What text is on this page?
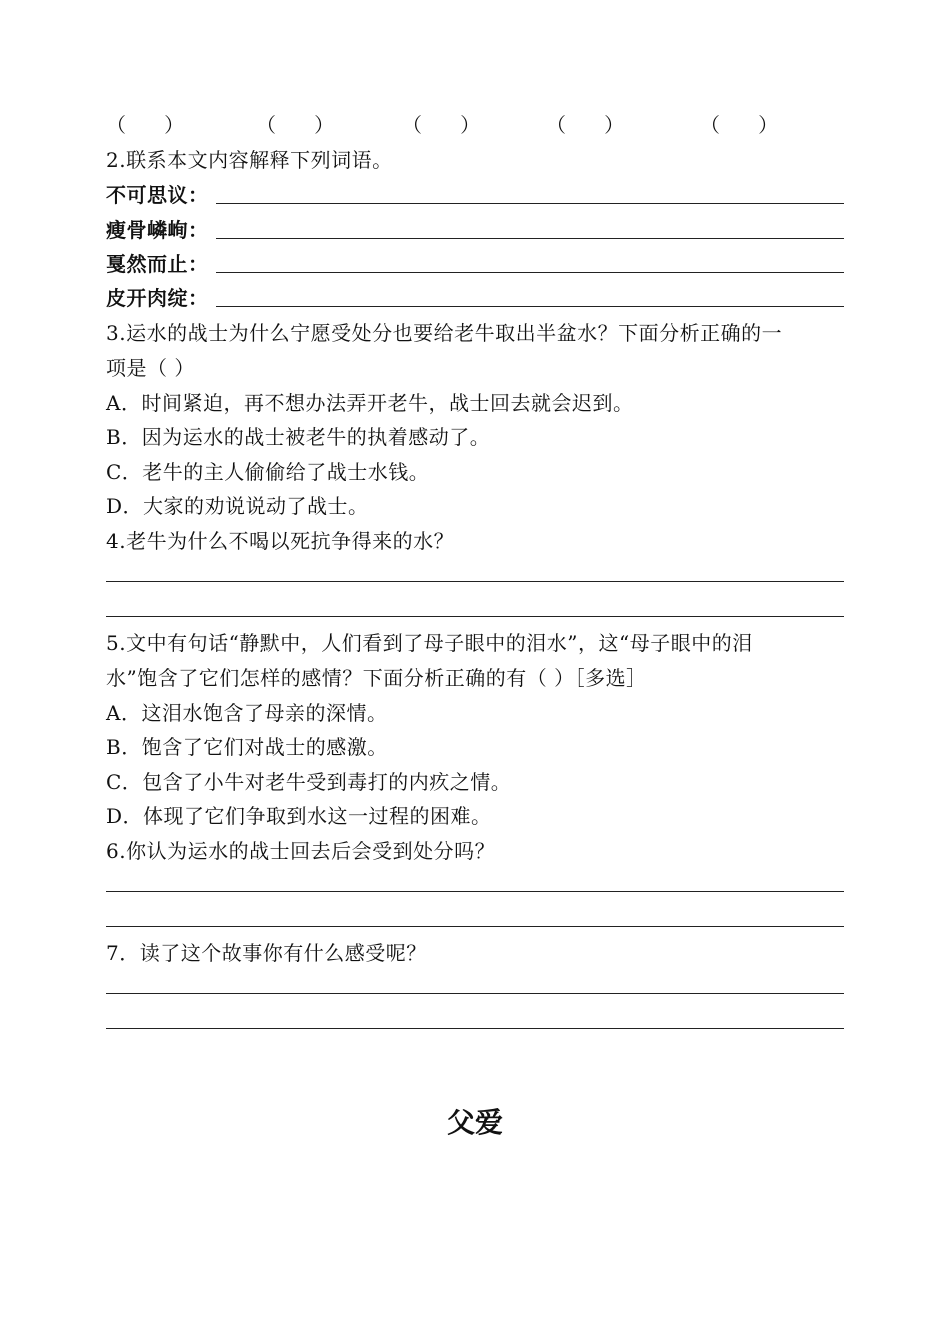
（      ）	（      ）	（      ）	（      ）	（      ）
2.联系本文内容解释下列词语。
不可思议：
瘦骨嶙峋：
戛然而止：
皮开肉绽：
3.运水的战士为什么宁愿受处分也要给老牛取出半盆水？下面分析正确的一
项是（ ）
A．时间紧迫，再不想办法弄开老牛，战士回去就会迟到。
B．因为运水的战士被老牛的执着感动了。
C．老牛的主人偷偷给了战士水钱。
D．大家的劝说说动了战士。
4.老牛为什么不喝以死抗争得来的水？
5.文中有句话“静默中，人们看到了母子眼中的泪水”，这“母子眼中的泪
水”饱含了它们怎样的感情？下面分析正确的有（ ）［多选］
A．这泪水饱含了母亲的深情。
B．饱含了它们对战士的感激。
C．包含了小牛对老牛受到毒打的内疚之情。
D．体现了它们争取到水这一过程的困难。
6.你认为运水的战士回去后会受到处分吗？
7．读了这个故事你有什么感受呢？
父爱
